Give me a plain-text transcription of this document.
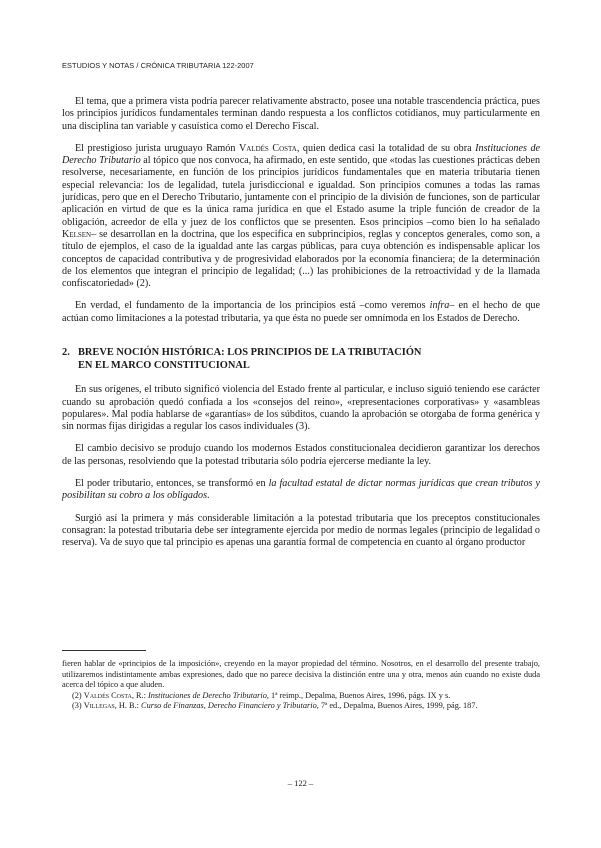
ESTUDIOS Y NOTAS / CRÓNICA TRIBUTARIA 122-2007

El tema, que a primera vista podría parecer relativamente abstracto, posee una notable trascendencia práctica, pues los principios jurídicos fundamentales terminan dando respuesta a los conflictos cotidianos, muy particularmente en una disciplina tan variable y casuística como el Derecho Fiscal.

El prestigioso jurista uruguayo Ramón Valdés Costa, quien dedica casi la totalidad de su obra Instituciones de Derecho Tributario al tópico que nos convoca, ha afirmado, en este sentido, que «todas las cuestiones prácticas deben resolverse, necesariamente, en función de los principios jurídicos fundamentales que en materia tributaria tienen especial relevancia: los de legalidad, tutela jurisdiccional e igualdad. Son principios comunes a todas las ramas jurídicas, pero que en el Derecho Tributario, juntamente con el principio de la división de funciones, son de particular aplicación en virtud de que es la única rama jurídica en que el Estado asume la triple función de creador de la obligación, acreedor de ella y juez de los conflictos que se presenten. Esos principios –como bien lo ha señalado Kelsen– se desarrollan en la doctrina, que los especifica en subprincipios, reglas y conceptos generales, como son, a título de ejemplos, el caso de la igualdad ante las cargas públicas, para cuya obtención es indispensable aplicar los conceptos de capacidad contributiva y de progresividad elaborados por la economía financiera; de la determinación de los elementos que integran el principio de legalidad; (...) las prohibiciones de la retroactividad y de la llamada confiscatoriedad» (2).

En verdad, el fundamento de la importancia de los principios está –como veremos infra– en el hecho de que actúan como limitaciones a la potestad tributaria, ya que ésta no puede ser omnímoda en los Estados de Derecho.

2. BREVE NOCIÓN HISTÓRICA: LOS PRINCIPIOS DE LA TRIBUTACIÓN
EN EL MARCO CONSTITUCIONAL

En sus orígenes, el tributo significó violencia del Estado frente al particular, e incluso siguió teniendo ese carácter cuando su aprobación quedó confiada a los «consejos del reino», «representaciones corporativas» y «asambleas populares». Mal podía hablarse de «garantías» de los súbditos, cuando la aprobación se otorgaba de forma genérica y sin normas fijas dirigidas a regular los casos individuales (3).

El cambio decisivo se produjo cuando los modernos Estados constitucionalea decidieron garantizar los derechos de las personas, resolviendo que la potestad tributaria sólo podría ejercerse mediante la ley.

El poder tributario, entonces, se transformó en la facultad estatal de dictar normas jurídicas que crean tributos y posibilitan su cobro a los obligados.

Surgió así la primera y más considerable limitación a la potestad tributaria que los preceptos constitucionales consagran: la potestad tributaria debe ser íntegramente ejercida por medio de normas legales (principio de legalidad o reserva). Va de suyo que tal principio es apenas una garantía formal de competencia en cuanto al órgano productor

fieren hablar de «principios de la imposición», creyendo en la mayor propiedad del término. Nosotros, en el desarrollo del presente trabajo, utilizaremos indistintamente ambas expresiones, dado que no parece decisiva la distinción entre una y otra, menos aún cuando no existe duda acerca del tópico a que aluden.

(2) Valdés Costa, R.: Instituciones de Derecho Tributario, 1ª reimp., Depalma, Buenos Aires, 1996, págs. IX y s.

(3) Villegas, H. B.: Curso de Finanzas, Derecho Financiero y Tributario, 7ª ed., Depalma, Buenos Aires, 1999, pág. 187.

– 122 –
